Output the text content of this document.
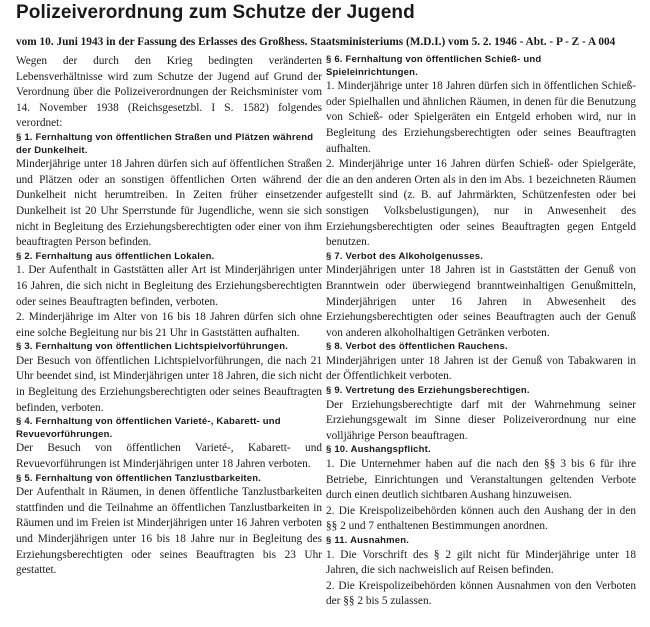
Polizeiverordnung zum Schutze der Jugend
vom 10. Juni 1943 in der Fassung des Erlasses des Großhess. Staatsministeriums (M.D.I.) vom 5. 2. 1946 - Abt. - P - Z - A 004
Wegen der durch den Krieg bedingten veränderten Lebensverhältnisse wird zum Schutze der Jugend auf Grund der Verordnung über die Polizeiverordnungen der Reichsminister vom 14. November 1938 (Reichsgesetzbl. I S. 1582) folgendes verordnet:
§ 1. Fernhaltung von öffentlichen Straßen und Plätzen während der Dunkelheit.
Minderjährige unter 18 Jahren dürfen sich auf öffentlichen Straßen und Plätzen oder an sonstigen öffentlichen Orten während der Dunkelheit nicht herumtreiben. In Zeiten früher einsetzender Dunkelheit ist 20 Uhr Sperrstunde für Jugendliche, wenn sie sich nicht in Begleitung des Erziehungsberechtigten oder einer von ihm beauftragten Person befinden.
§ 2. Fernhaltung aus öffentlichen Lokalen.
1. Der Aufenthalt in Gaststätten aller Art ist Minderjährigen unter 16 Jahren, die sich nicht in Begleitung des Erziehungsberechtigten oder seines Beauftragten befinden, verboten.
2. Minderjährige im Alter von 16 bis 18 Jahren dürfen sich ohne eine solche Begleitung nur bis 21 Uhr in Gaststätten aufhalten.
§ 3. Fernhaltung von öffentlichen Lichtspielvorführungen.
Der Besuch von öffentlichen Lichtspielvorführungen, die nach 21 Uhr beendet sind, ist Minderjährigen unter 18 Jahren, die sich nicht in Begleitung des Erziehungsberechtigten oder seines Beauftragten befinden, verboten.
§ 4. Fernhaltung von öffentlichen Varieté-, Kabarett- und Revuevorführungen.
Der Besuch von öffentlichen Varieté-, Kabarett- und Revuevorführungen ist Minderjährigen unter 18 Jahren verboten.
§ 5. Fernhaltung von öffentlichen Tanzlustbarkeiten.
Der Aufenthalt in Räumen, in denen öffentliche Tanzlustbarkeiten stattfinden und die Teilnahme an öffentlichen Tanzlustbarkeiten in Räumen und im Freien ist Minderjährigen unter 16 Jahren verboten und Minderjährigen unter 16 bis 18 Jahre nur in Begleitung des Erziehungsberechtigten oder seines Beauftragten bis 23 Uhr gestattet.
§ 6. Fernhaltung von öffentlichen Schieß- und Spieleinrichtungen.
1. Minderjährige unter 18 Jahren dürfen sich in öffentlichen Schieß- oder Spielhallen und ähnlichen Räumen, in denen für die Benutzung von Schieß- oder Spielgeräten ein Entgeld erhoben wird, nur in Begleitung des Erziehungsberechtigten oder seines Beauftragten aufhalten.
2. Minderjährige unter 16 Jahren dürfen Schieß- oder Spielgeräte, die an den anderen Orten als in den im Abs. 1 bezeichneten Räumen aufgestellt sind (z. B. auf Jahrmärkten, Schützenfesten oder bei sonstigen Volksbelustigungen), nur in Anwesenheit des Erziehungsberechtigten oder seines Beauftragten gegen Entgeld benutzen.
§ 7. Verbot des Alkoholgenusses.
Minderjährigen unter 18 Jahren ist in Gaststätten der Genuß von Branntwein oder überwiegend branntweinhaltigen Genußmitteln, Minderjährigen unter 16 Jahren in Abwesenheit des Erziehungsberechtigten oder seines Beauftragten auch der Genuß von anderen alkoholhaltigen Getränken verboten.
§ 8. Verbot des öffentlichen Rauchens.
Minderjährigen unter 18 Jahren ist der Genuß von Tabakwaren in der Öffentlichkeit verboten.
§ 9. Vertretung des Erziehungsberechtigen.
Der Erziehungsberechtigte darf mit der Wahrnehmung seiner Erziehungsgewalt im Sinne dieser Polizeiverordnung nur eine volljährige Person beauftragen.
§ 10. Aushangspflicht.
1. Die Unternehmer haben auf die nach den §§ 3 bis 6 für ihre Betriebe, Einrichtungen und Veranstaltungen geltenden Verbote durch einen deutlich sichtbaren Aushang hinzuweisen.
2. Die Kreispolizeibehörden können auch den Aushang der in den §§ 2 und 7 enthaltenen Bestimmungen anordnen.
§ 11. Ausnahmen.
1. Die Vorschrift des § 2 gilt nicht für Minderjährige unter 18 Jahren, die sich nachweislich auf Reisen befinden.
2. Die Kreispolizeibehörden können Ausnahmen von den Verboten der §§ 2 bis 5 zulassen.
